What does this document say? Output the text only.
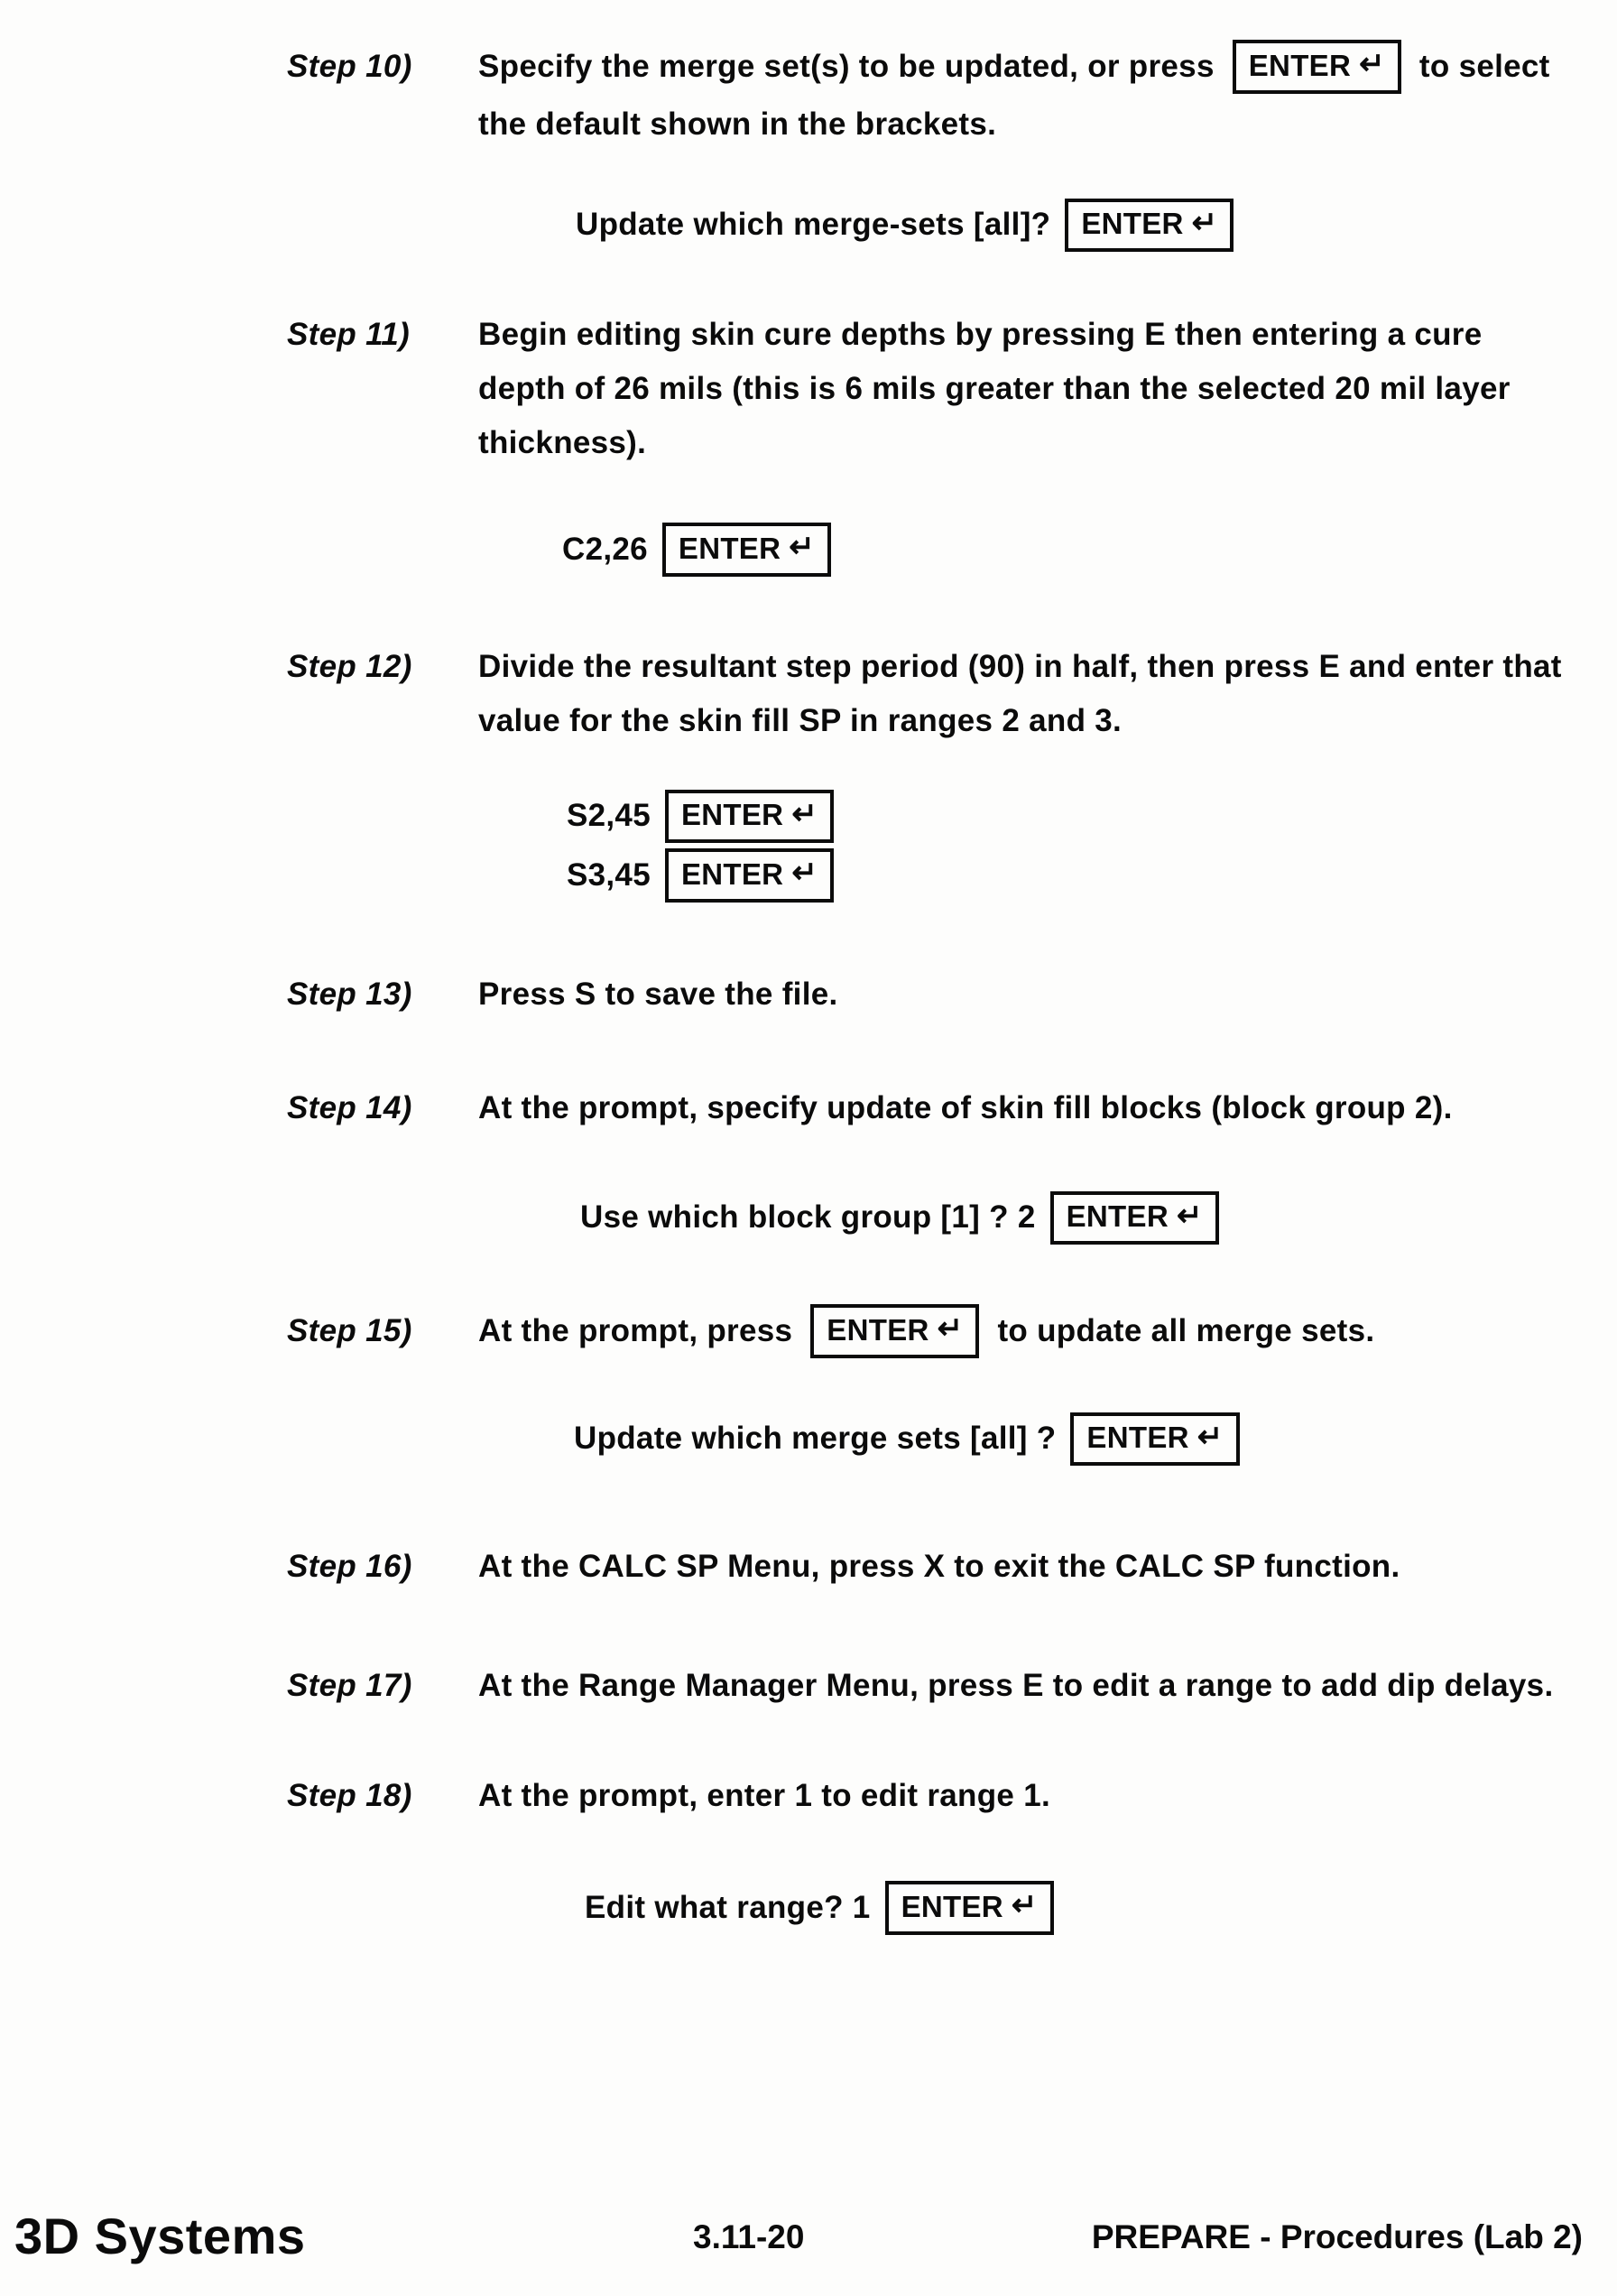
Step 10)	Specify the merge set(s) to be updated, or press ENTER ↵ to select the default shown in the brackets.
Update which merge-sets [all]? ENTER ↵
Step 11)	Begin editing skin cure depths by pressing E then entering a cure depth of 26 mils (this is 6 mils greater than the selected 20 mil layer thickness).
C2,26 ENTER ↵
Step 12)	Divide the resultant step period (90) in half, then press E and enter that value for the skin fill SP in ranges 2 and 3.
S2,45 ENTER ↵
S3,45 ENTER ↵
Step 13)	Press S to save the file.
Step 14)	At the prompt, specify update of skin fill blocks (block group 2).
Use which block group [1] ? 2 ENTER ↵
Step 15)	At the prompt, press ENTER ↵ to update all merge sets.
Update which merge sets [all] ? ENTER ↵
Step 16)	At the CALC SP Menu, press X to exit the CALC SP function.
Step 17)	At the Range Manager Menu, press E to edit a range to add dip delays.
Step 18)	At the prompt, enter 1 to edit range 1.
Edit what range? 1 ENTER ↵
3D Systems	3.11-20	PREPARE - Procedures (Lab 2)
